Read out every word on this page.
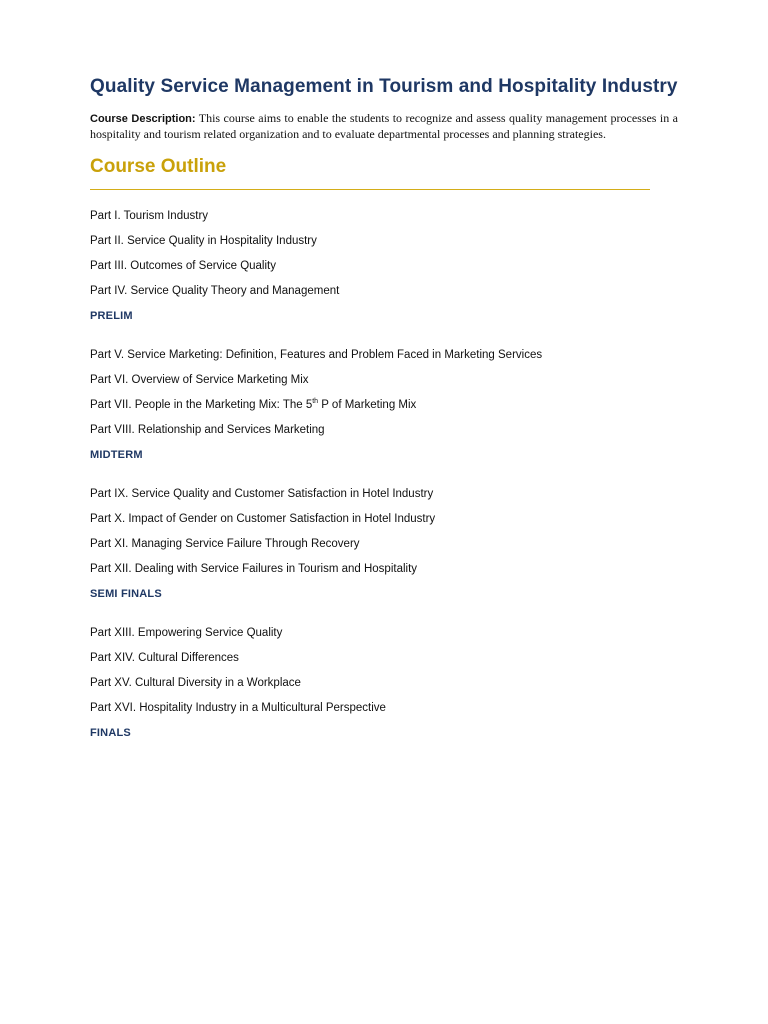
Quality Service Management in Tourism and Hospitality Industry

Course Description: This course aims to enable the students to recognize and assess quality management processes in a hospitality and tourism related organization and to evaluate departmental processes and planning strategies.

Course Outline
Part I. Tourism Industry
Part II. Service Quality in Hospitality Industry
Part III. Outcomes of Service Quality
Part IV. Service Quality Theory and Management
PRELIM
Part V. Service Marketing: Definition, Features and Problem Faced in Marketing Services
Part VI. Overview of Service Marketing Mix
Part VII. People in the Marketing Mix: The 5th P of Marketing Mix
Part VIII. Relationship and Services Marketing
MIDTERM
Part IX. Service Quality and Customer Satisfaction in Hotel Industry
Part X. Impact of Gender on Customer Satisfaction in Hotel Industry
Part XI. Managing Service Failure Through Recovery
Part XII. Dealing with Service Failures in Tourism and Hospitality
SEMI FINALS
Part XIII. Empowering Service Quality
Part XIV. Cultural Differences
Part XV. Cultural Diversity in a Workplace
Part XVI. Hospitality Industry in a Multicultural Perspective
FINALS
